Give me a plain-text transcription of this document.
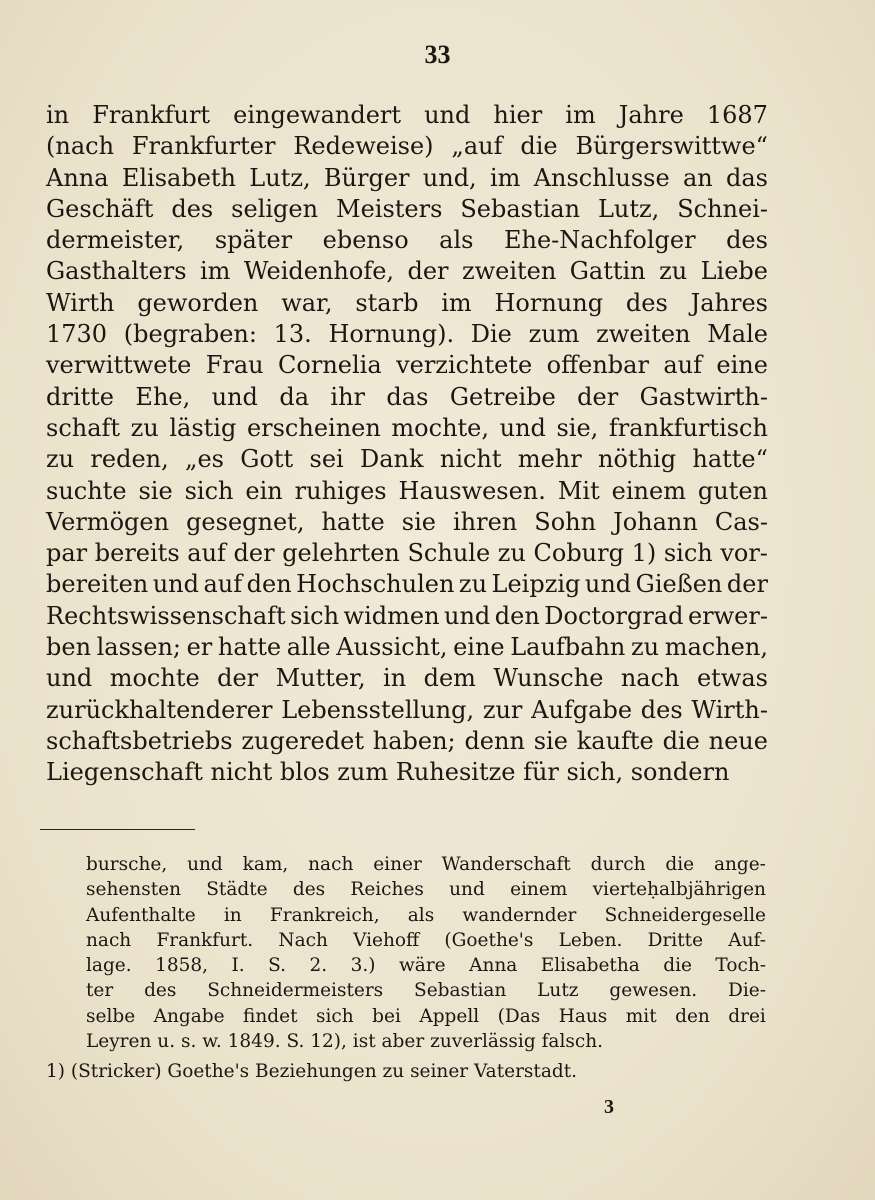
33
in Frankfurt eingewandert und hier im Jahre 1687
(nach Frankfurter Redeweise) „auf die Bürgerswittwe“
Anna Elisabeth Lutz, Bürger und, im Anschlusse an das
Geschäft des seligen Meisters Sebastian Lutz, Schnei-
dermeister, später ebenso als Ehe-Nachfolger des
Gasthalters im Weidenhofe, der zweiten Gattin zu Liebe
Wirth geworden war, starb im Hornung des Jahres
1730 (begraben: 13. Hornung). Die zum zweiten Male
verwittwete Frau Cornelia verzichtete offenbar auf eine
dritte Ehe, und da ihr das Getreibe der Gastwirth-
schaft zu lästig erscheinen mochte, und sie, frankfurtisch
zu reden, „es Gott sei Dank nicht mehr nöthig hatte“
suchte sie sich ein ruhiges Hauswesen. Mit einem guten
Vermögen gesegnet, hatte sie ihren Sohn Johann Cas-
par bereits auf der gelehrten Schule zu Coburg 1) sich vor-
bereiten und auf den Hochschulen zu Leipzig und Gießen der
Rechtswissenschaft sich widmen und den Doctorgrad erwer-
ben lassen; er hatte alle Aussicht, eine Laufbahn zu machen,
und mochte der Mutter, in dem Wunsche nach etwas
zurückhaltenderer Lebensstellung, zur Aufgabe des Wirth-
schaftsbetriebs zugeredet haben; denn sie kaufte die neue
Liegenschaft nicht blos zum Ruhesitze für sich, sondern
bursche, und kam, nach einer Wanderschaft durch die ange-
sehensten Städte des Reiches und einem vierteḥalbjährigen
Aufenthalte in Frankreich, als wandernder Schneidergeselle
nach Frankfurt. Nach Viehoff (Goethe's Leben. Dritte Auf-
lage. 1858, I. S. 2. 3.) wäre Anna Elisabetha die Toch-
ter des Schneidermeisters Sebastian Lutz gewesen. Die-
selbe Angabe findet sich bei Appell (Das Haus mit den drei
Leyren u. s. w. 1849. S. 12), ist aber zuverlässig falsch.
1) (Stricker) Goethe's Beziehungen zu seiner Vaterstadt.
3
